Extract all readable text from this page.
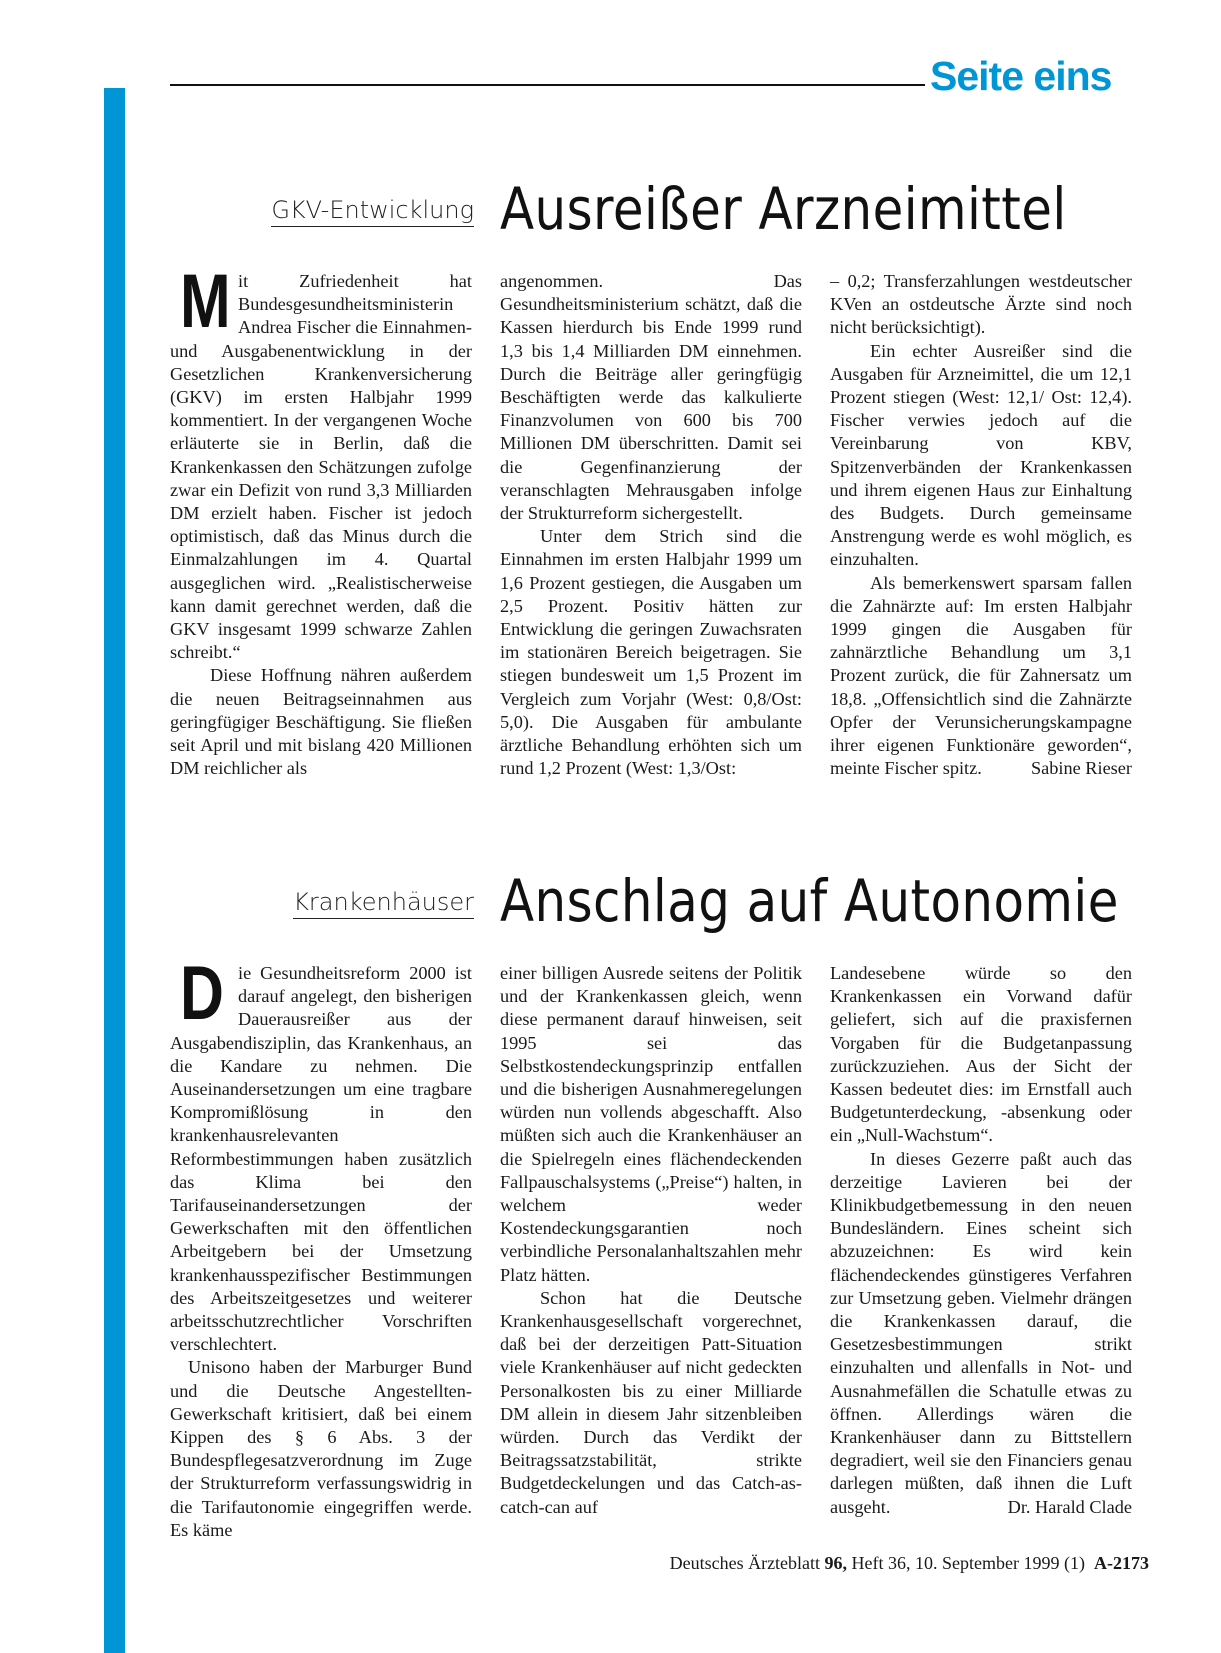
Seite eins
GKV-Entwicklung Ausreißer Arzneimittel

Mit Zufriedenheit hat Bundesgesundheitsministerin Andrea Fischer die Einnahmen- und Ausgabenentwicklung in der Gesetzlichen Krankenversicherung (GKV) im ersten Halbjahr 1999 kommentiert. In der vergangenen Woche erläuterte sie in Berlin, daß die Krankenkassen den Schätzungen zufolge zwar ein Defizit von rund 3,3 Milliarden DM erzielt haben. Fischer ist jedoch optimistisch, daß das Minus durch die Einmalzahlungen im 4. Quartal ausgeglichen wird. „Realistischerweise kann damit gerechnet werden, daß die GKV insgesamt 1999 schwarze Zahlen schreibt.“

Diese Hoffnung nähren außerdem die neuen Beitragseinnahmen aus geringfügiger Beschäftigung. Sie fließen seit April und mit bislang 420 Millionen DM reichlicher als

angenommen. Das Gesundheitsministerium schätzt, daß die Kassen hierdurch bis Ende 1999 rund 1,3 bis 1,4 Milliarden DM einnehmen. Durch die Beiträge aller geringfügig Beschäftigten werde das kalkulierte Finanzvolumen von 600 bis 700 Millionen DM überschritten. Damit sei die Gegenfinanzierung der veranschlagten Mehrausgaben infolge der Strukturreform sichergestellt.

Unter dem Strich sind die Einnahmen im ersten Halbjahr 1999 um 1,6 Prozent gestiegen, die Ausgaben um 2,5 Prozent. Positiv hätten zur Entwicklung die geringen Zuwachsraten im stationären Bereich beigetragen. Sie stiegen bundesweit um 1,5 Prozent im Vergleich zum Vorjahr (West: 0,8/Ost: 5,0). Die Ausgaben für ambulante ärztliche Behandlung erhöhten sich um rund 1,2 Prozent (West: 1,3/Ost:

– 0,2; Transferzahlungen westdeutscher KVen an ostdeutsche Ärzte sind noch nicht berücksichtigt).

Ein echter Ausreißer sind die Ausgaben für Arzneimittel, die um 12,1 Prozent stiegen (West: 12,1/ Ost: 12,4). Fischer verwies jedoch auf die Vereinbarung von KBV, Spitzenverbänden der Krankenkassen und ihrem eigenen Haus zur Einhaltung des Budgets. Durch gemeinsame Anstrengung werde es wohl möglich, es einzuhalten.

Als bemerkenswert sparsam fallen die Zahnärzte auf: Im ersten Halbjahr 1999 gingen die Ausgaben für zahnärztliche Behandlung um 3,1 Prozent zurück, die für Zahnersatz um 18,8. „Offensichtlich sind die Zahnärzte Opfer der Verunsicherungskampagne ihrer eigenen Funktionäre geworden“, meinte Fischer spitz.	Sabine Rieser

Krankenhäuser Anschlag auf Autonomie

Die Gesundheitsreform 2000 ist darauf angelegt, den bisherigen Dauerausreißer aus der Ausgabendisziplin, das Krankenhaus, an die Kandare zu nehmen. Die Auseinandersetzungen um eine tragbare Kompromißlösung in den krankenhausrelevanten Reformbestimmungen haben zusätzlich das Klima bei den Tarifauseinandersetzungen der Gewerkschaften mit den öffentlichen Arbeitgebern bei der Umsetzung krankenhausspezifischer Bestimmungen des Arbeitszeitgesetzes und weiterer arbeitsschutzrechtlicher Vorschriften verschlechtert.

Unisono haben der Marburger Bund und die Deutsche Angestellten-Gewerkschaft kritisiert, daß bei einem Kippen des § 6 Abs. 3 der Bundespflegesatzverordnung im Zuge der Strukturreform verfassungswidrig in die Tarifautonomie eingegriffen werde. Es käme

einer billigen Ausrede seitens der Politik und der Krankenkassen gleich, wenn diese permanent darauf hinweisen, seit 1995 sei das Selbstkostendeckungsprinzip entfallen und die bisherigen Ausnahmeregelungen würden nun vollends abgeschafft. Also müßten sich auch die Krankenhäuser an die Spielregeln eines flächendeckenden Fallpauschalsystems („Preise“) halten, in welchem weder Kostendeckungsgarantien noch verbindliche Personalanhaltszahlen mehr Platz hätten.

Schon hat die Deutsche Krankenhausgesellschaft vorgerechnet, daß bei der derzeitigen Patt-Situation viele Krankenhäuser auf nicht gedeckten Personalkosten bis zu einer Milliarde DM allein in diesem Jahr sitzenbleiben würden. Durch das Verdikt der Beitragssatzstabilität, strikte Budgetdeckelungen und das Catch-as-catch-can auf

Landesebene würde so den Krankenkassen ein Vorwand dafür geliefert, sich auf die praxisfernen Vorgaben für die Budgetanpassung zurückzuziehen. Aus der Sicht der Kassen bedeutet dies: im Ernstfall auch Budgetunterdeckung, -absenkung oder ein „Null-Wachstum“.

In dieses Gezerre paßt auch das derzeitige Lavieren bei der Klinikbudgetbemessung in den neuen Bundesländern. Eines scheint sich abzuzeichnen: Es wird kein flächendeckendes günstigeres Verfahren zur Umsetzung geben. Vielmehr drängen die Krankenkassen darauf, die Gesetzesbestimmungen strikt einzuhalten und allenfalls in Not- und Ausnahmefällen die Schatulle etwas zu öffnen. Allerdings wären die Krankenhäuser dann zu Bittstellern degradiert, weil sie den Financiers genau darlegen müßten, daß ihnen die Luft ausgeht.	Dr. Harald Clade

Deutsches Ärzteblatt 96, Heft 36, 10. September 1999 (1) A-2173
